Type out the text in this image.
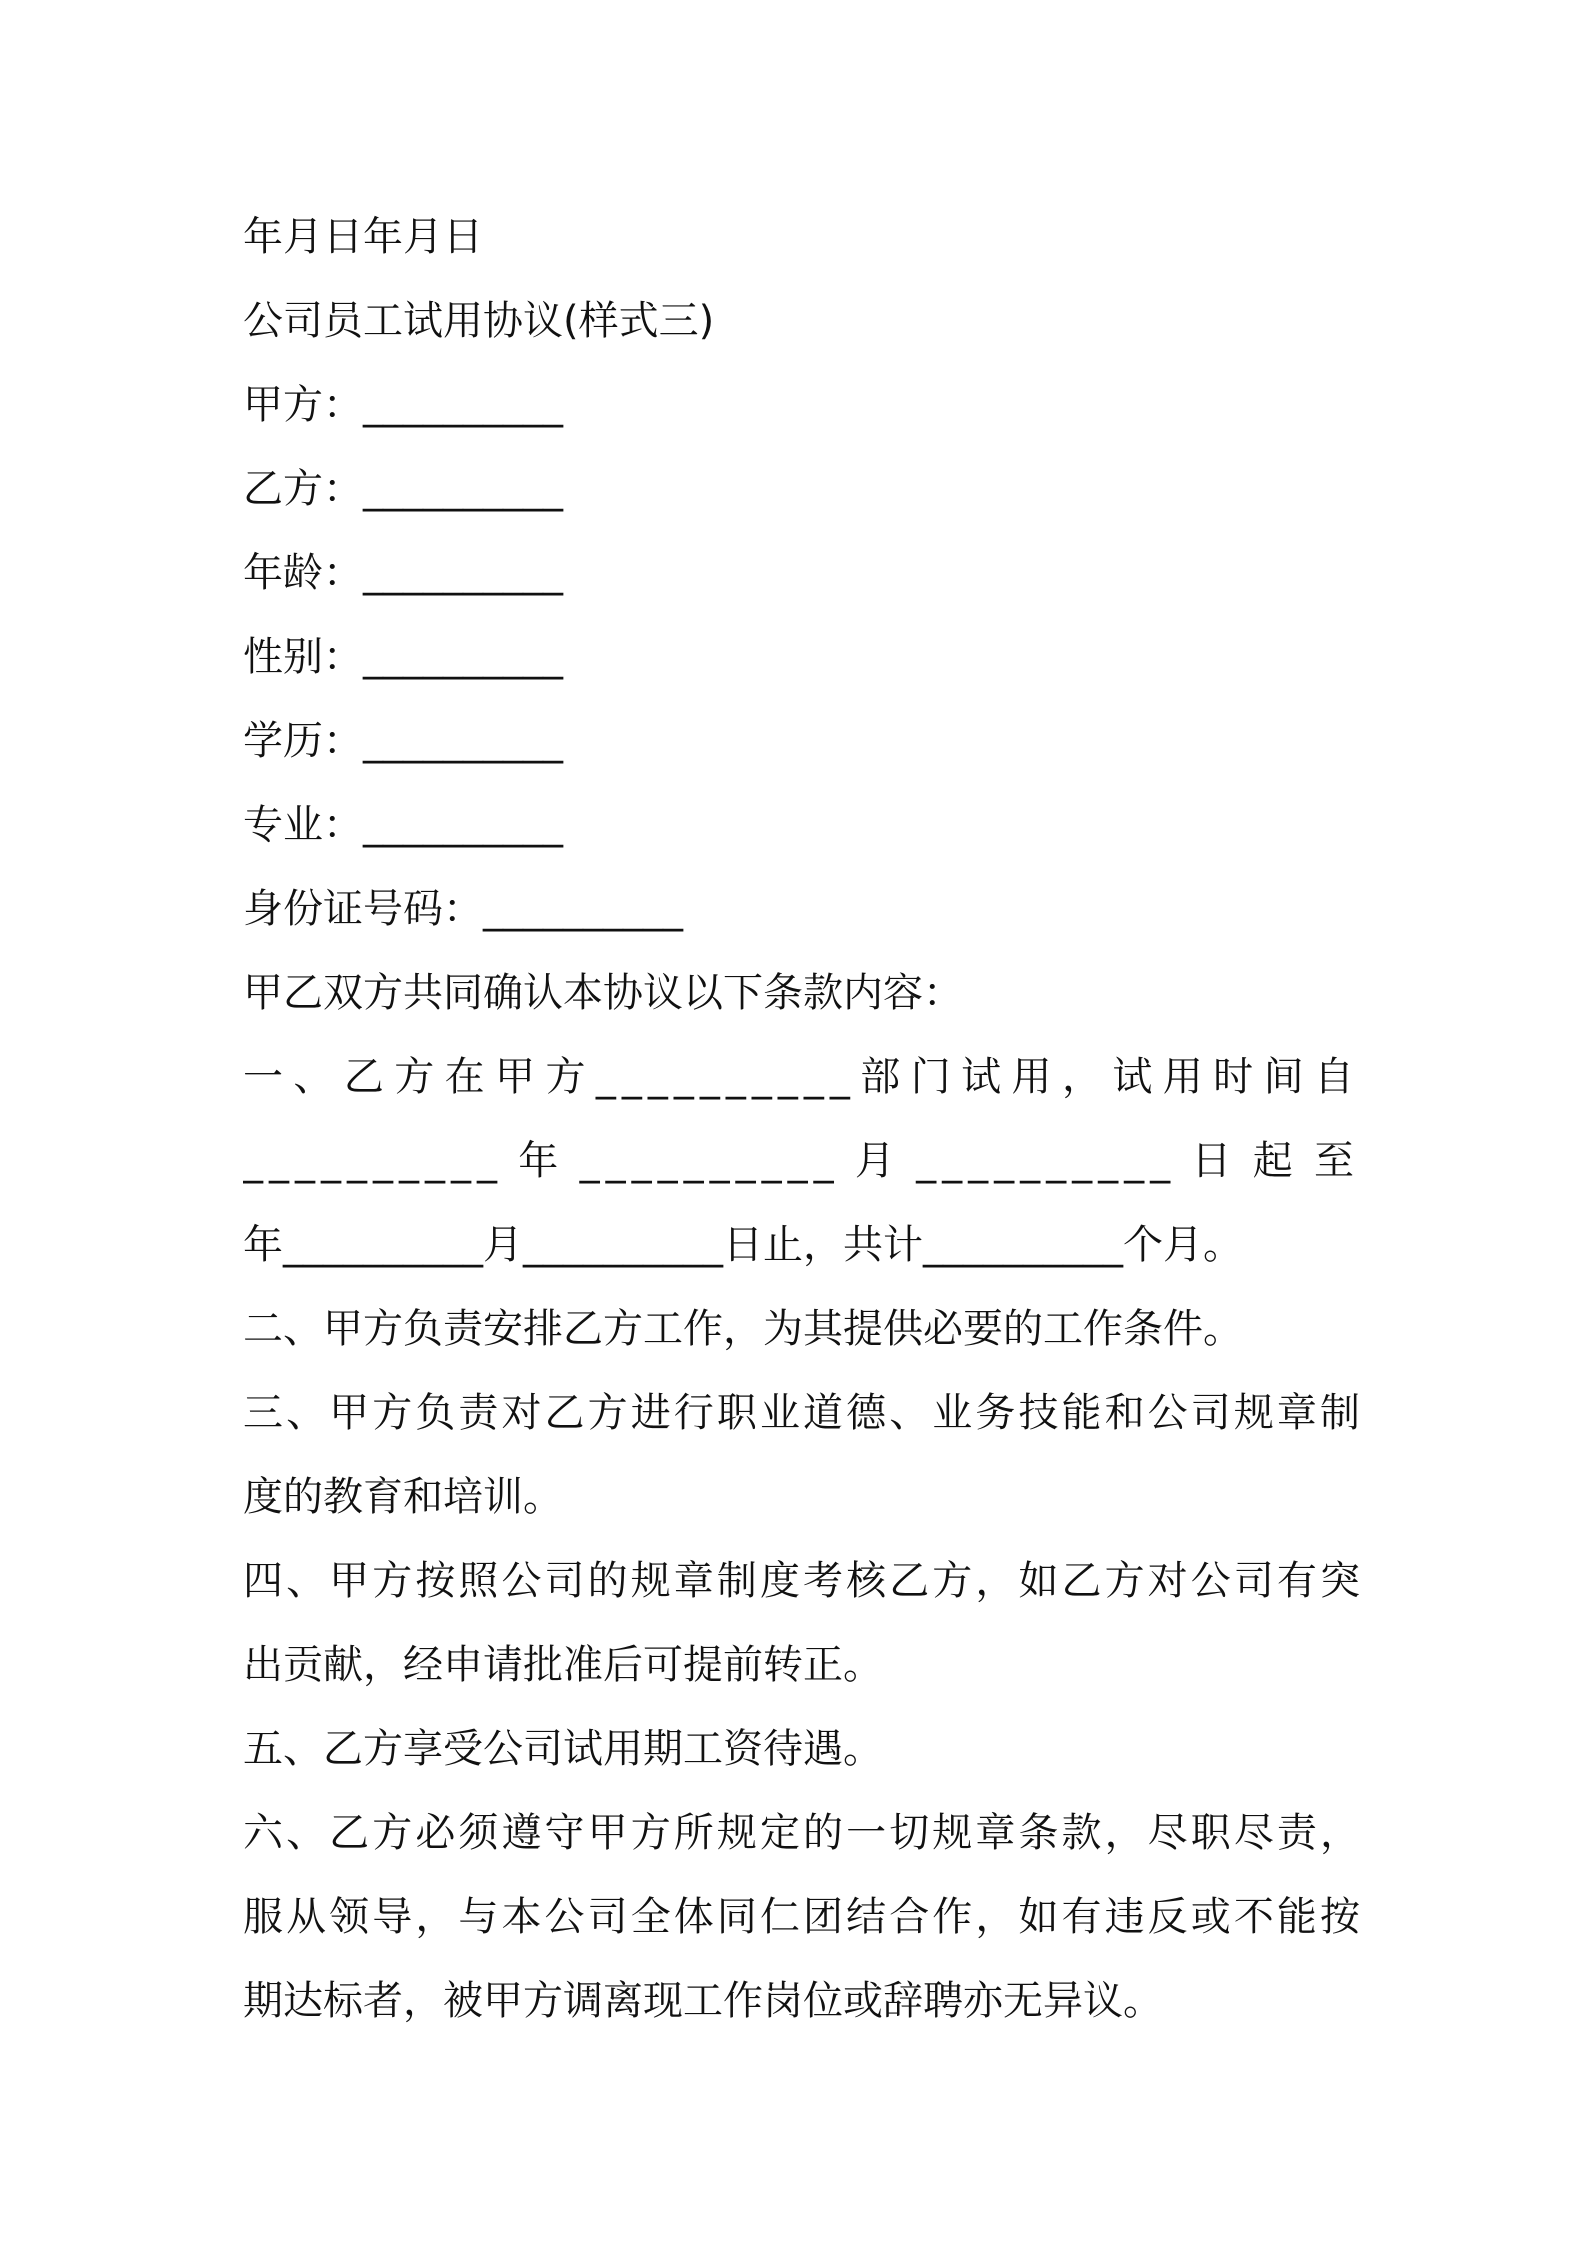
年月日年月日
公司员工试用协议(样式三)
甲方：__________
乙方：__________
年龄：__________
性别：__________
学历：__________
专业：__________
身份证号码：__________
甲乙双方共同确认本协议以下条款内容：
一、乙方在甲方__________部门试用，试用时间自
__________年__________月__________日起至
年__________月__________日止，共计__________个月。
二、甲方负责安排乙方工作，为其提供必要的工作条件。
三、甲方负责对乙方进行职业道德、业务技能和公司规章制
度的教育和培训。
四、甲方按照公司的规章制度考核乙方，如乙方对公司有突
出贡献，经申请批准后可提前转正。
五、乙方享受公司试用期工资待遇。
六、乙方必须遵守甲方所规定的一切规章条款，尽职尽责，
服从领导，与本公司全体同仁团结合作，如有违反或不能按
期达标者，被甲方调离现工作岗位或辞聘亦无异议。
